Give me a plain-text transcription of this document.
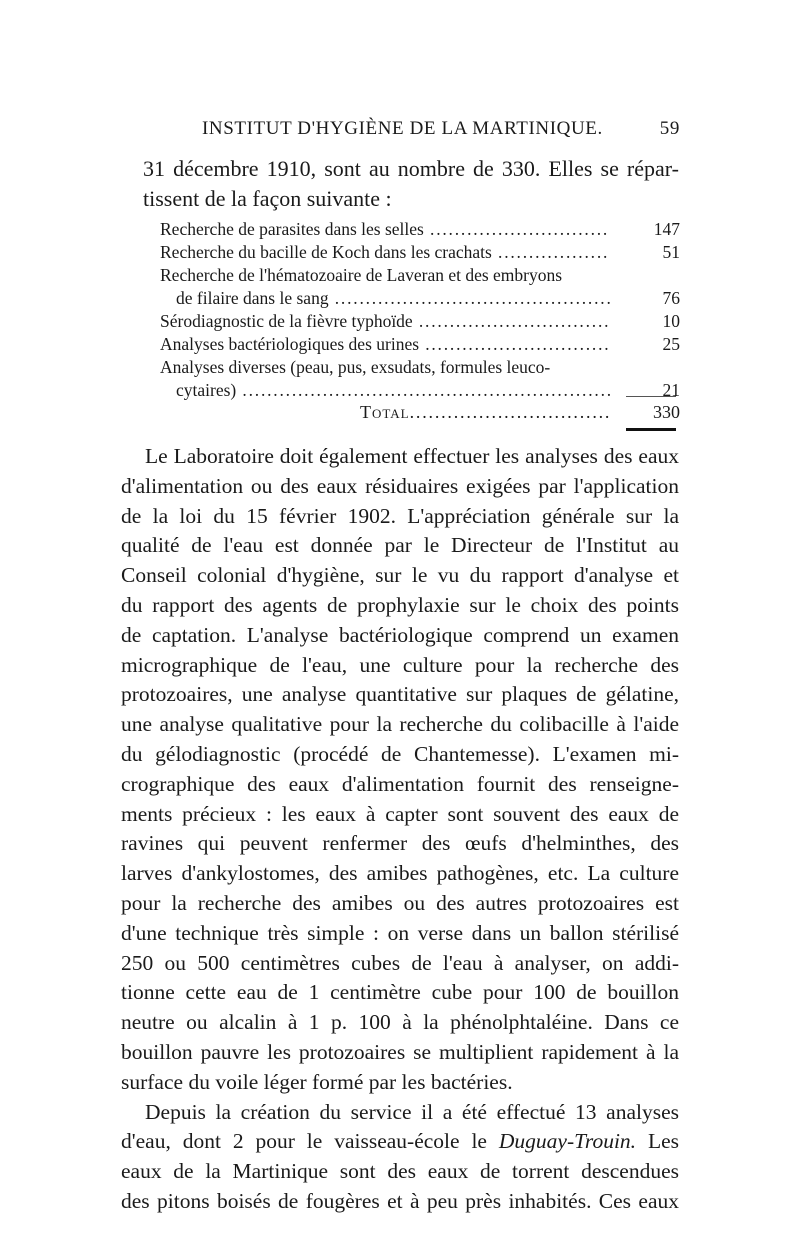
INSTITUT D'HYGIÈNE DE LA MARTINIQUE.	59
31 décembre 1910, sont au nombre de 330. Elles se répar-
tissent de la façon suivante :
Recherche de parasites dans les selles .....	147
Recherche du bacille de Koch dans les crachats .....	51
Recherche de l'hématozoaire de Laveran et des embryons
de filaire dans le sang .....	76
Sérodiagnostic de la fièvre typhoïde .....	10
Analyses bactériologiques des urines .....	25
Analyses diverses (peau, pus, exsudats, formules leuco-
cytaires) .....	21
Total .....	330
Le Laboratoire doit également effectuer les analyses des eaux
d'alimentation ou des eaux résiduaires exigées par l'application
de la loi du 15 février 1902. L'appréciation générale sur la
qualité de l'eau est donnée par le Directeur de l'Institut au
Conseil colonial d'hygiène, sur le vu du rapport d'analyse et
du rapport des agents de prophylaxie sur le choix des points
de captation. L'analyse bactériologique comprend un examen
micrographique de l'eau, une culture pour la recherche des
protozoaires, une analyse quantitative sur plaques de gélatine,
une analyse qualitative pour la recherche du colibacille à l'aide
du gélodiagnostic (procédé de Chantemesse). L'examen mi-
crographique des eaux d'alimentation fournit des renseigne-
ments précieux : les eaux à capter sont souvent des eaux de
ravines qui peuvent renfermer des œufs d'helminthes, des
larves d'ankylostomes, des amibes pathogènes, etc. La culture
pour la recherche des amibes ou des autres protozoaires est
d'une technique très simple : on verse dans un ballon stérilisé
250 ou 500 centimètres cubes de l'eau à analyser, on addi-
tionne cette eau de 1 centimètre cube pour 100 de bouillon
neutre ou alcalin à 1 p. 100 à la phénolphtaléine. Dans ce
bouillon pauvre les protozoaires se multiplient rapidement à la
surface du voile léger formé par les bactéries.
Depuis la création du service il a été effectué 13 analyses
d'eau, dont 2 pour le vaisseau-école le Duguay-Trouin. Les
eaux de la Martinique sont des eaux de torrent descendues
des pitons boisés de fougères et à peu près inhabités. Ces eaux
